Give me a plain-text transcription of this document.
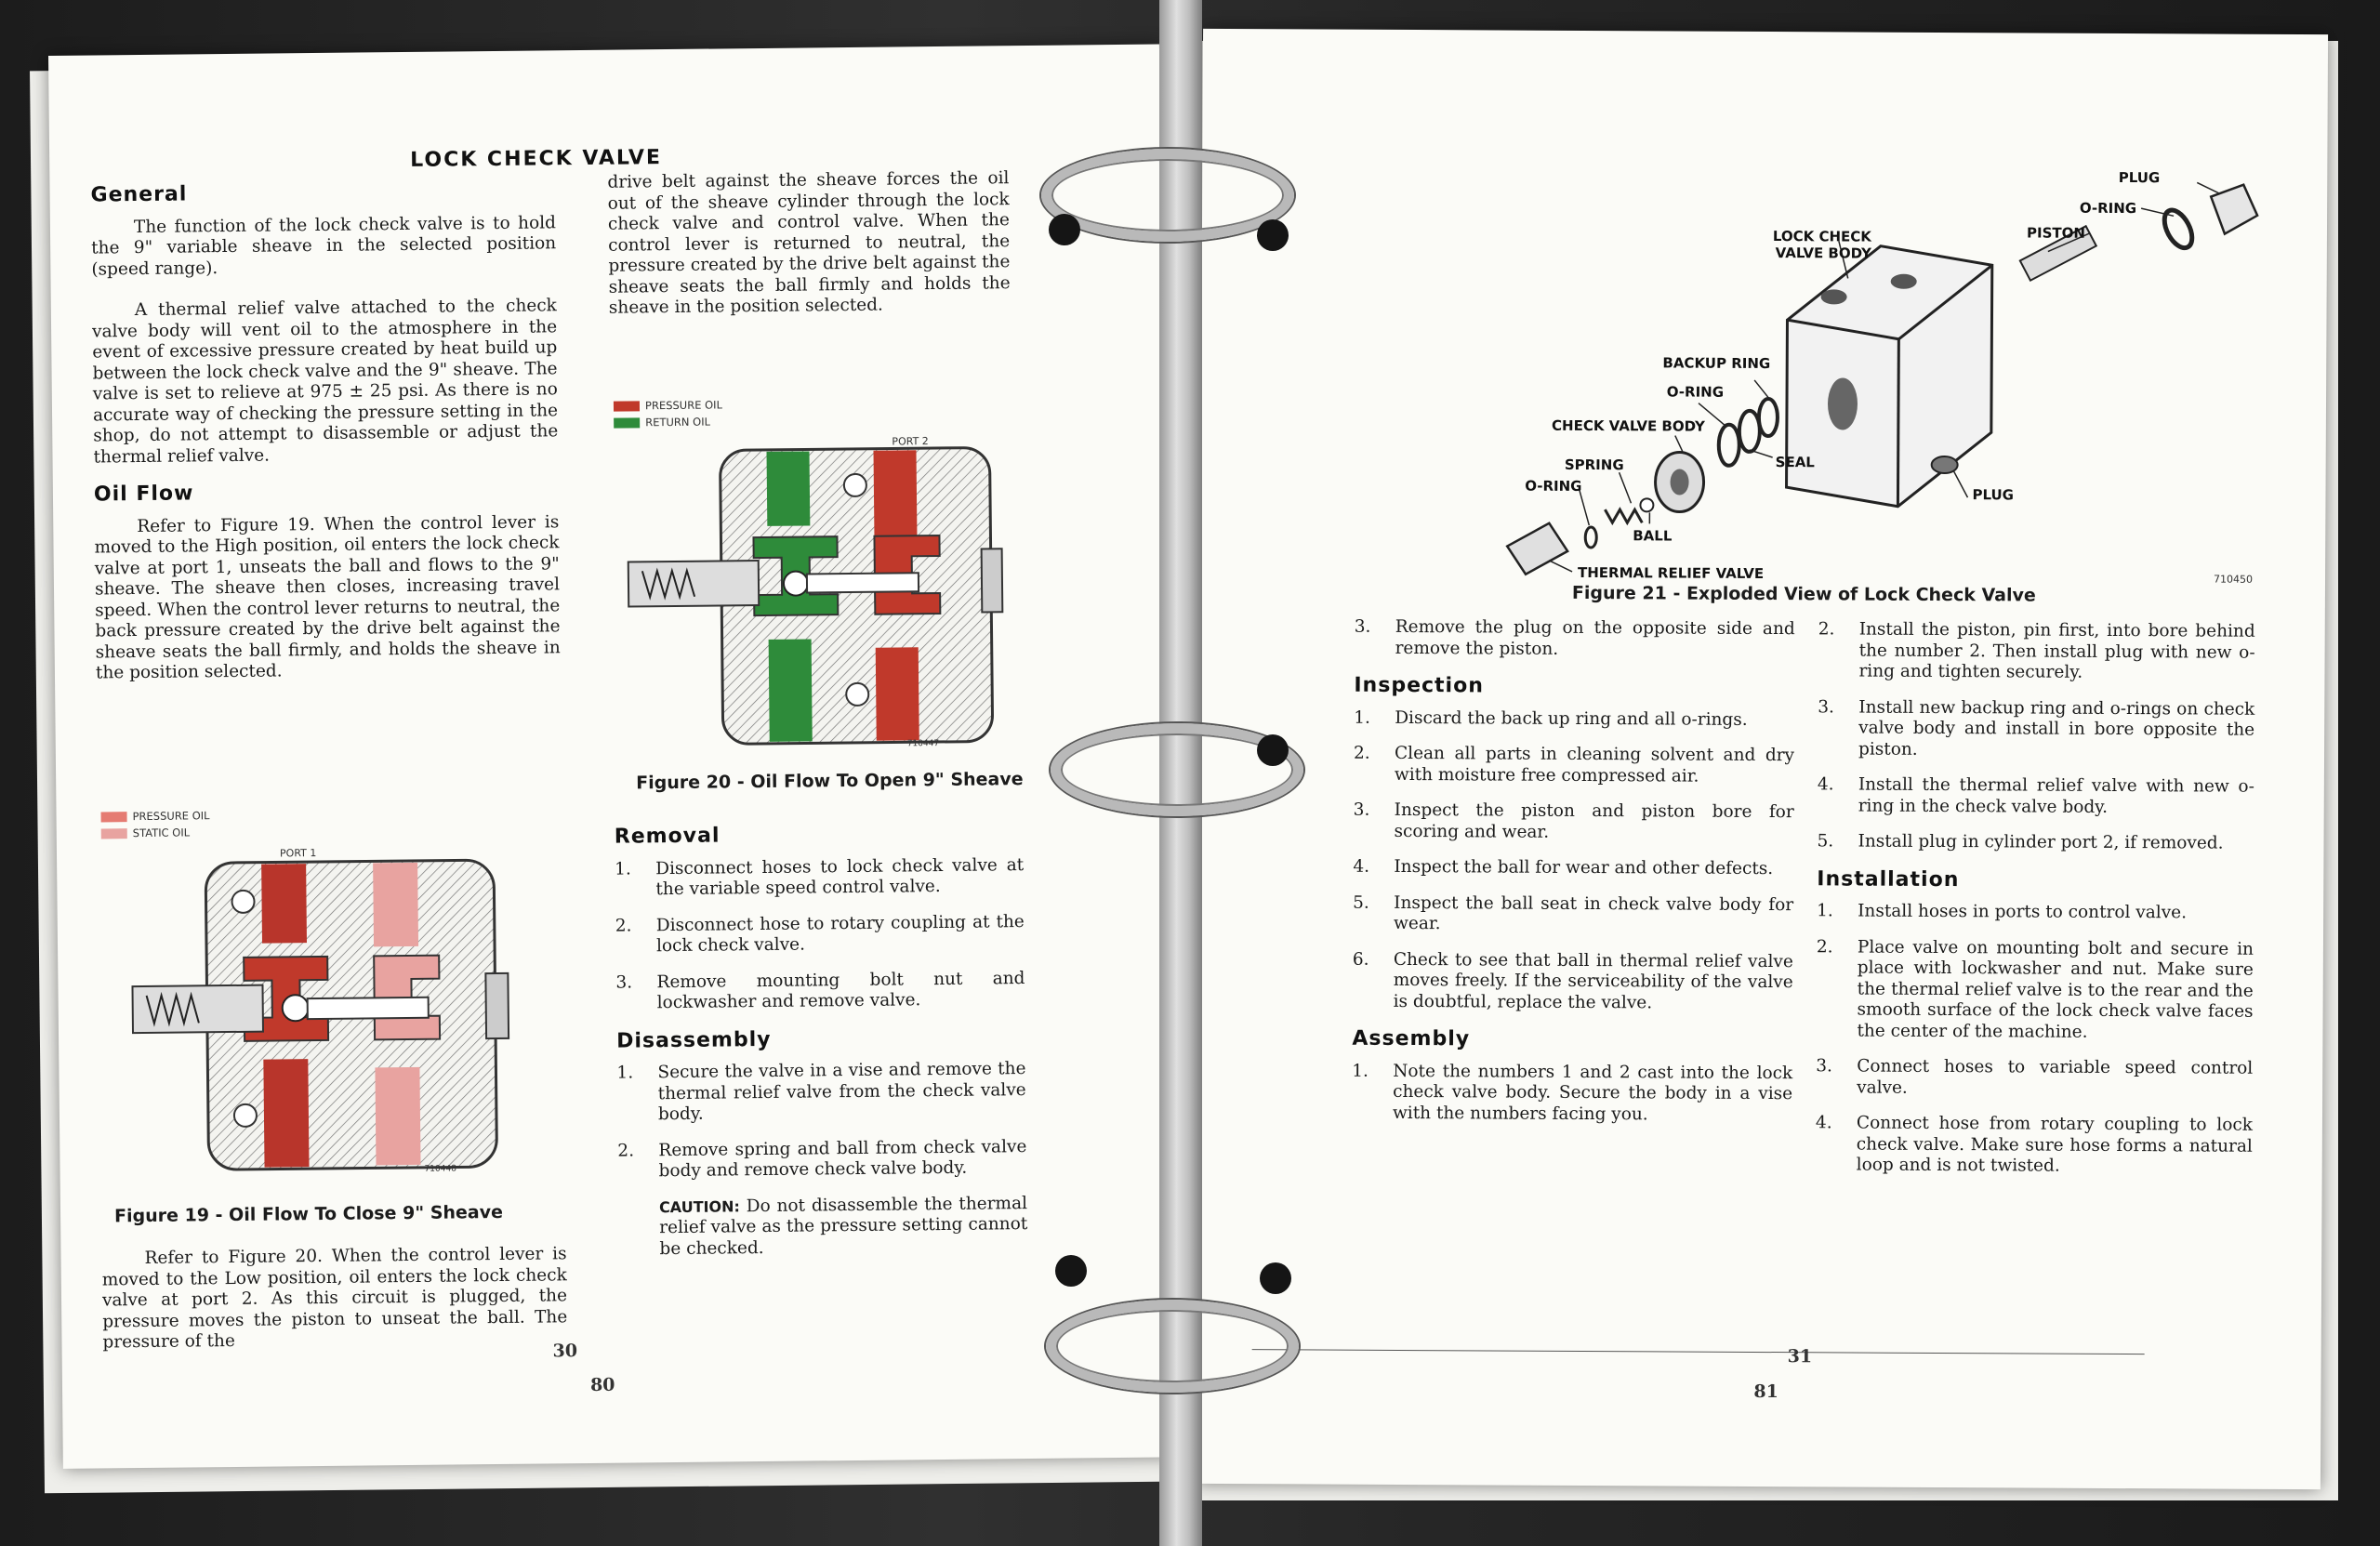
LOCK CHECK VALVE
General

The function of the lock check valve is to hold the 9" variable sheave in the selected position (speed range).

A thermal relief valve attached to the check valve body will vent oil to the atmosphere in the event of excessive pressure created by heat build up between the lock check valve and the 9" sheave. The valve is set to relieve at 975 ± 25 psi. As there is no accurate way of checking the pressure setting in the shop, do not attempt to disassemble or adjust the thermal relief valve.

Oil Flow

Refer to Figure 19. When the control lever is moved to the High position, oil enters the lock check valve at port 1, unseats the ball and flows to the 9" sheave. The sheave then closes, increasing travel speed. When the control lever returns to neutral, the back pressure created by the drive belt against the sheave seats the ball firmly, and holds the sheave in the position selected.

PRESSURE OIL
STATIC OIL
PORT 1
710448
Figure 19 - Oil Flow To Close 9" Sheave

Refer to Figure 20. When the control lever is moved to the Low position, oil enters the lock check valve at port 2. As this circuit is plugged, the pressure moves the piston to unseat the ball. The pressure of the

drive belt against the sheave forces the oil out of the sheave cylinder through the lock check valve and control valve. When the control lever is returned to neutral, the pressure created by the drive belt against the sheave seats the ball firmly and holds the sheave in the position selected.

PRESSURE OIL
RETURN OIL
PORT 2
710447
Figure 20 - Oil Flow To Open 9" Sheave
Removal
1.	Disconnect hoses to lock check valve at the variable speed control valve.
2.	Disconnect hose to rotary coupling at the lock check valve.
3.	Remove mounting bolt nut and lockwasher and remove valve.
Disassembly
1.	Secure the valve in a vise and remove the thermal relief valve from the check valve body.
2.	Remove spring and ball from check valve body and remove check valve body.

CAUTION: Do not disassemble the thermal relief valve as the pressure setting cannot be checked.

30
80
PLUG
O-RING
PISTON
LOCK CHECK
VALVE BODY
BACKUP RING
O-RING
CHECK VALVE BODY
SEAL
SPRING
O-RING
BALL
THERMAL RELIEF VALVE
PLUG
710450
Figure 21 - Exploded View of Lock Check Valve
3.	Remove the plug on the opposite side and remove the piston.
Inspection
1.	Discard the back up ring and all o-rings.
2.	Clean all parts in cleaning solvent and dry with moisture free compressed air.
3.	Inspect the piston and piston bore for scoring and wear.
4.	Inspect the ball for wear and other defects.
5.	Inspect the ball seat in check valve body for wear.
6.	Check to see that ball in thermal relief valve moves freely. If the serviceability of the valve is doubtful, replace the valve.
Assembly
1.	Note the numbers 1 and 2 cast into the lock check valve body. Secure the body in a vise with the numbers facing you.
2.	Install the piston, pin first, into bore behind the number 2. Then install plug with new o-ring and tighten securely.
3.	Install new backup ring and o-rings on check valve body and install in bore opposite the piston.
4.	Install the thermal relief valve with new o-ring in the check valve body.
5.	Install plug in cylinder port 2, if removed.
Installation
1.	Install hoses in ports to control valve.
2.	Place valve on mounting bolt and secure in place with lockwasher and nut. Make sure the thermal relief valve is to the rear and the smooth surface of the lock check valve faces the center of the machine.
3.	Connect hoses to variable speed control valve.
4.	Connect hose from rotary coupling to lock check valve. Make sure hose forms a natural loop and is not twisted.
31
81
